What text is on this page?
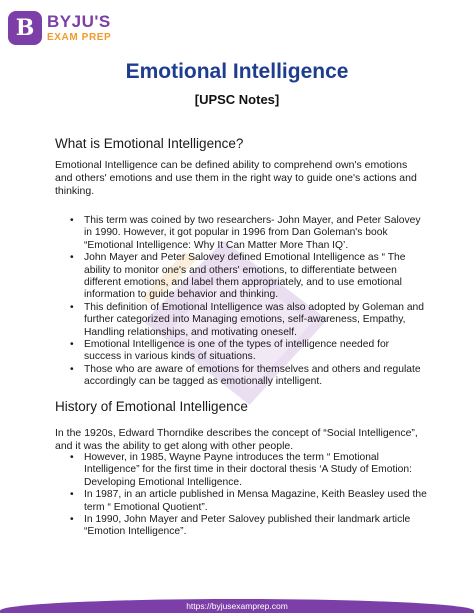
B BYJU'S
EXAM PREP
Emotional Intelligence
[UPSC Notes]
What is Emotional Intelligence?

Emotional Intelligence can be defined ability to comprehend own's emotions and others' emotions and use them in the right way to guide one's actions and thinking.

• This term was coined by two researchers- John Mayer, and Peter Salovey in 1990. However, it got popular in 1996 from Dan Goleman's book “Emotional Intelligence: Why It Can Matter More Than IQ’.
• John Mayer and Peter Salovey defined Emotional Intelligence as “ The ability to monitor one's and others' emotions, to differentiate between different emotions, and label them appropriately, and to use emotional information to guide behavior and thinking.
• This definition of Emotional Intelligence was also adopted by Goleman and further categorized into Managing emotions, self-awareness, Empathy, Handling relationships, and motivating oneself.
• Emotional Intelligence is one of the types of intelligence needed for success in various kinds of situations.
• Those who are aware of emotions for themselves and others and regulate accordingly can be tagged as emotionally intelligent.
History of Emotional Intelligence

In the 1920s, Edward Thorndike describes the concept of “Social Intelligence”, and it was the ability to get along with other people.

• However, in 1985, Wayne Payne introduces the term “ Emotional Intelligence” for the first time in their doctoral thesis ‘A Study of Emotion: Developing Emotional Intelligence.
• In 1987, in an article published in Mensa Magazine, Keith Beasley used the term “ Emotional Quotient”.
• In 1990, John Mayer and Peter Salovey published their landmark article “Emotion Intelligence”.
https://byjusexamprep.com
